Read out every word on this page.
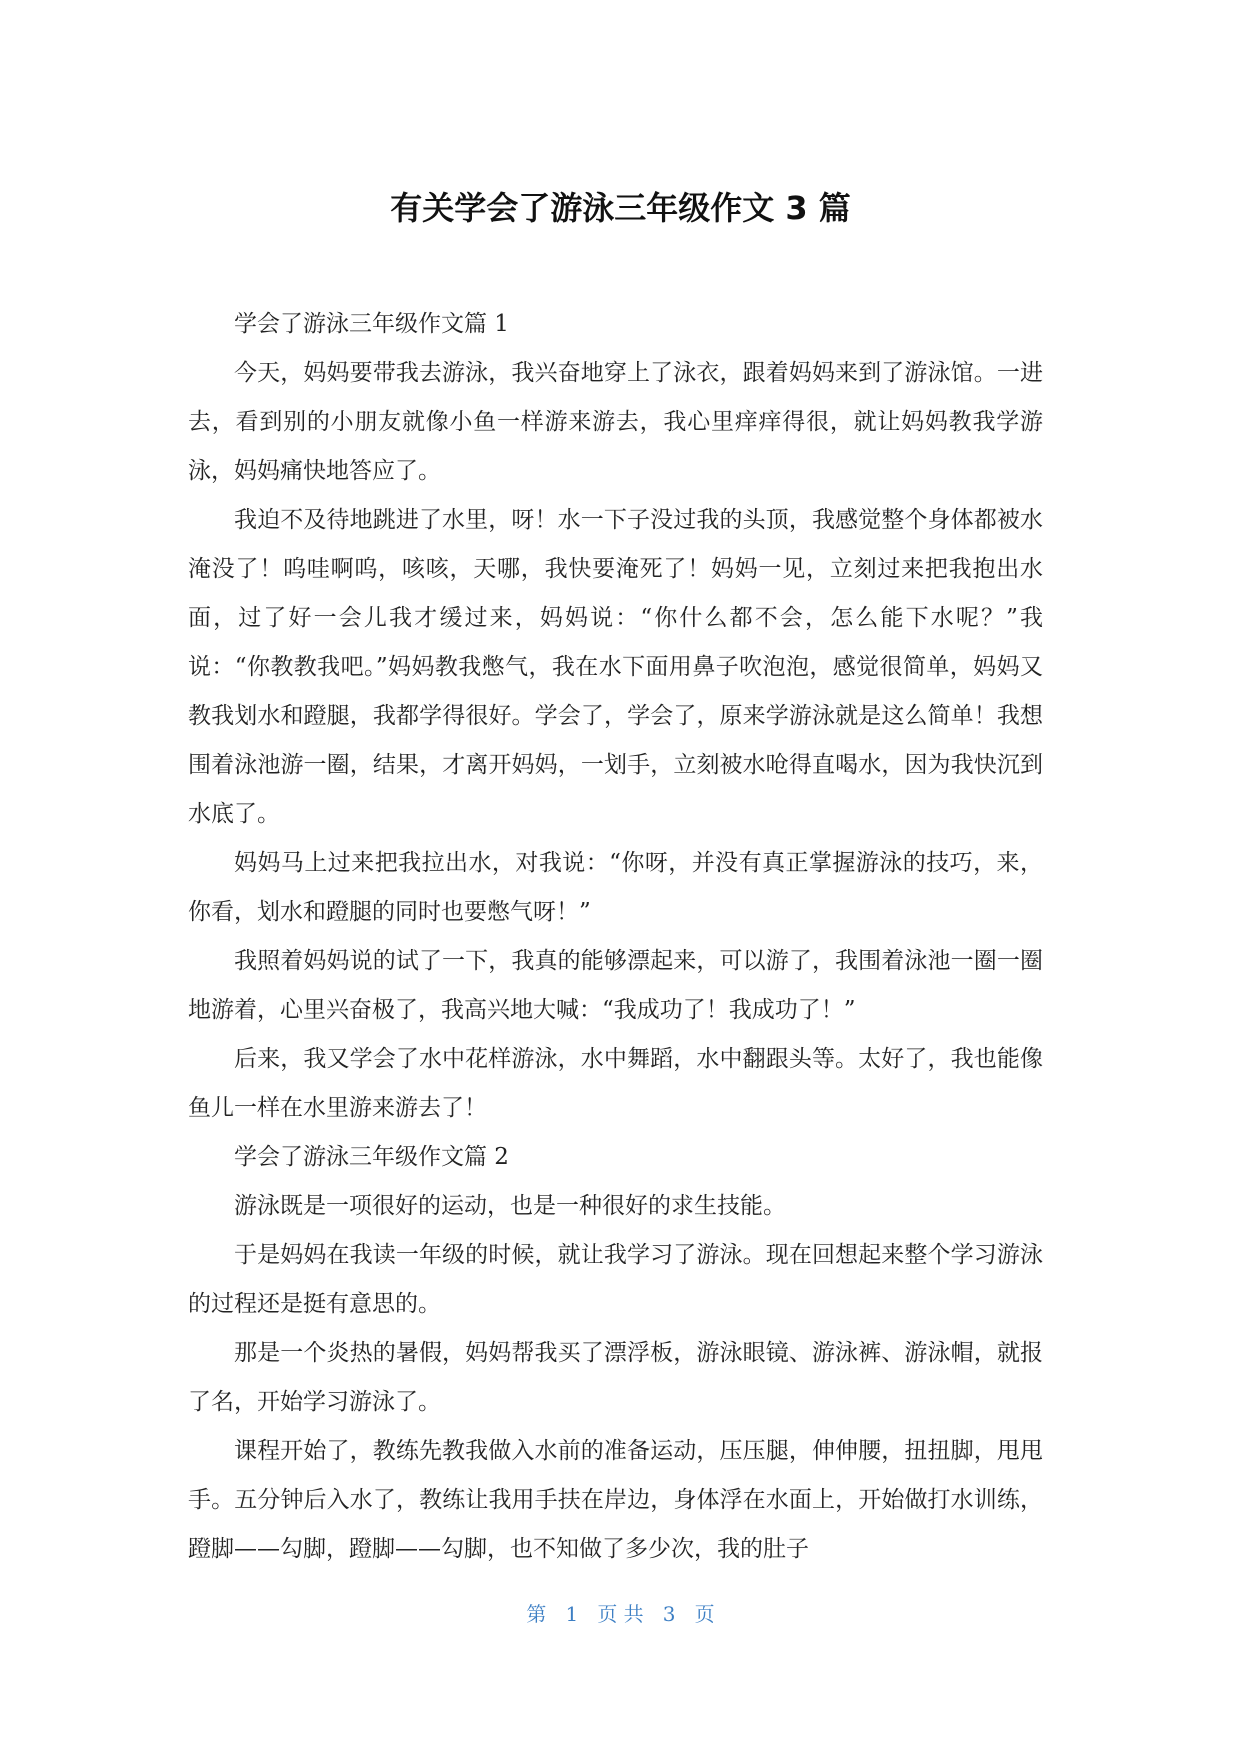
有关学会了游泳三年级作文 3 篇

学会了游泳三年级作文篇 1

今天，妈妈要带我去游泳，我兴奋地穿上了泳衣，跟着妈妈来到了游泳馆。一进去，看到别的小朋友就像小鱼一样游来游去，我心里痒痒得很，就让妈妈教我学游泳，妈妈痛快地答应了。

我迫不及待地跳进了水里，呀！水一下子没过我的头顶，我感觉整个身体都被水淹没了！呜哇啊呜，咳咳，天哪，我快要淹死了！妈妈一见，立刻过来把我抱出水面，过了好一会儿我才缓过来，妈妈说：“你什么都不会，怎么能下水呢？”我说：“你教教我吧。”妈妈教我憋气，我在水下面用鼻子吹泡泡，感觉很简单，妈妈又教我划水和蹬腿，我都学得很好。学会了，学会了，原来学游泳就是这么简单！我想围着泳池游一圈，结果，才离开妈妈，一划手，立刻被水呛得直喝水，因为我快沉到水底了。

妈妈马上过来把我拉出水，对我说：“你呀，并没有真正掌握游泳的技巧，来，你看，划水和蹬腿的同时也要憋气呀！”

我照着妈妈说的试了一下，我真的能够漂起来，可以游了，我围着泳池一圈一圈地游着，心里兴奋极了，我高兴地大喊：“我成功了！我成功了！”

后来，我又学会了水中花样游泳，水中舞蹈，水中翻跟头等。太好了，我也能像鱼儿一样在水里游来游去了！

学会了游泳三年级作文篇 2

游泳既是一项很好的运动，也是一种很好的求生技能。

于是妈妈在我读一年级的时候，就让我学习了游泳。现在回想起来整个学习游泳的过程还是挺有意思的。

那是一个炎热的暑假，妈妈帮我买了漂浮板，游泳眼镜、游泳裤、游泳帽，就报了名，开始学习游泳了。

课程开始了，教练先教我做入水前的准备运动，压压腿，伸伸腰，扭扭脚，甩甩手。五分钟后入水了，教练让我用手扶在岸边，身体浮在水面上，开始做打水训练，蹬脚——勾脚，蹬脚——勾脚，也不知做了多少次，我的肚子

第 1 页 共 3 页
